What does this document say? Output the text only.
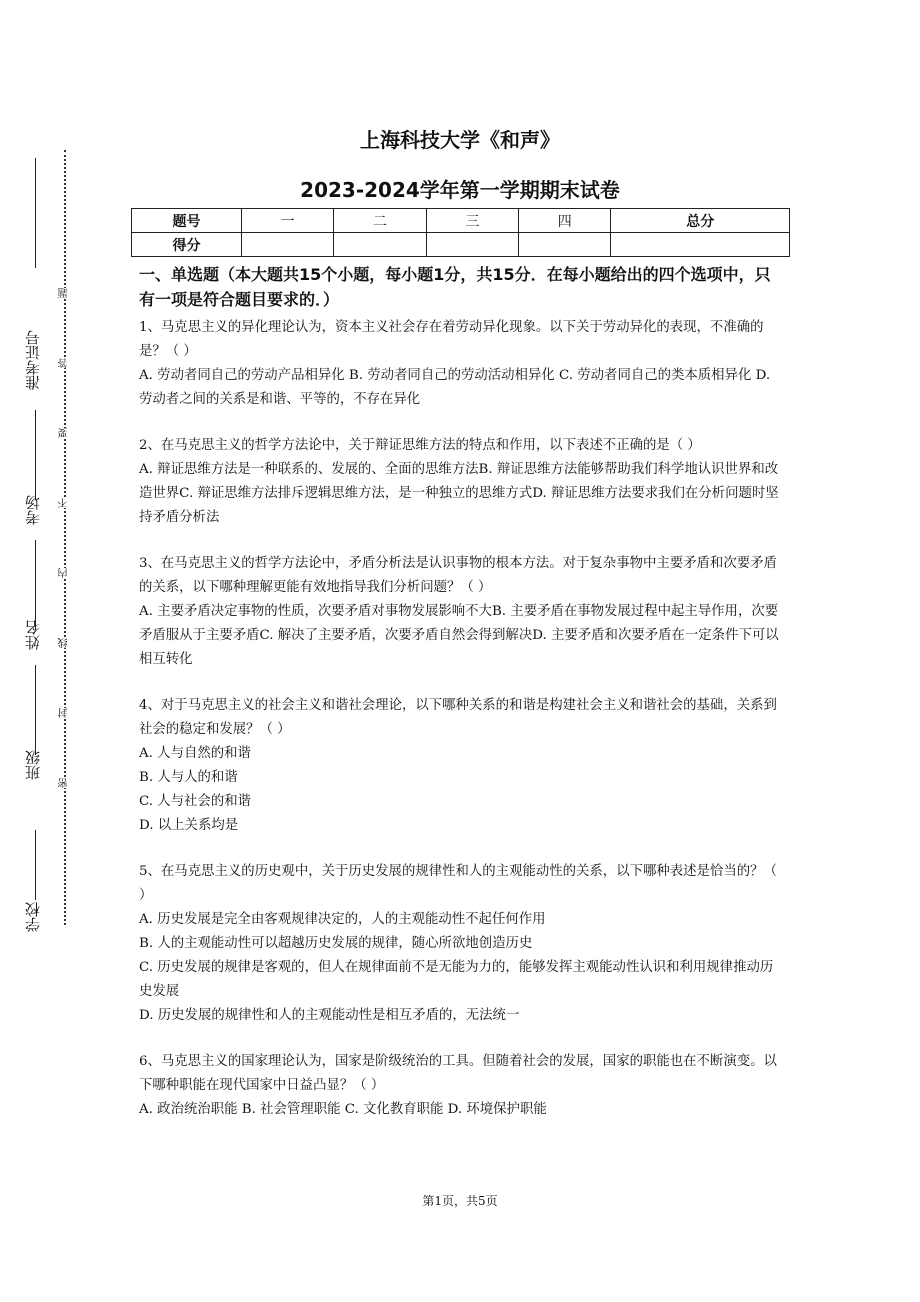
准考证号
考场
姓名
班级
学校
题
答
要
不
内
线
封
密
上海科技大学《和声》
2023-2024学年第一学期期末试卷
题号	一	二	三	四	总分
得分					
一、单选题（本大题共15个小题，每小题1分，共15分．在每小题给出的四个选项中，只有一项是符合题目要求的．）
1、马克思主义的异化理论认为，资本主义社会存在着劳动异化现象。以下关于劳动异化的表现，不准确的是？（ ）
A. 劳动者同自己的劳动产品相异化 B. 劳动者同自己的劳动活动相异化 C. 劳动者同自己的类本质相异化 D. 劳动者之间的关系是和谐、平等的，不存在异化
2、在马克思主义的哲学方法论中，关于辩证思维方法的特点和作用，以下表述不正确的是（ ）
A. 辩证思维方法是一种联系的、发展的、全面的思维方法B. 辩证思维方法能够帮助我们科学地认识世界和改造世界C. 辩证思维方法排斥逻辑思维方法，是一种独立的思维方式D. 辩证思维方法要求我们在分析问题时坚持矛盾分析法
3、在马克思主义的哲学方法论中，矛盾分析法是认识事物的根本方法。对于复杂事物中主要矛盾和次要矛盾的关系，以下哪种理解更能有效地指导我们分析问题？（ ）
A. 主要矛盾决定事物的性质，次要矛盾对事物发展影响不大B. 主要矛盾在事物发展过程中起主导作用，次要矛盾服从于主要矛盾C. 解决了主要矛盾，次要矛盾自然会得到解决D. 主要矛盾和次要矛盾在一定条件下可以相互转化
4、对于马克思主义的社会主义和谐社会理论，以下哪种关系的和谐是构建社会主义和谐社会的基础，关系到社会的稳定和发展？（ ）
A. 人与自然的和谐
B. 人与人的和谐
C. 人与社会的和谐
D. 以上关系均是
5、在马克思主义的历史观中，关于历史发展的规律性和人的主观能动性的关系，以下哪种表述是恰当的？（ ）
A. 历史发展是完全由客观规律决定的，人的主观能动性不起任何作用
B. 人的主观能动性可以超越历史发展的规律，随心所欲地创造历史
C. 历史发展的规律是客观的，但人在规律面前不是无能为力的，能够发挥主观能动性认识和利用规律推动历史发展
D. 历史发展的规律性和人的主观能动性是相互矛盾的，无法统一
6、马克思主义的国家理论认为，国家是阶级统治的工具。但随着社会的发展，国家的职能也在不断演变。以下哪种职能在现代国家中日益凸显？（ ）
A. 政治统治职能 B. 社会管理职能 C. 文化教育职能 D. 环境保护职能
第1页，共5页
